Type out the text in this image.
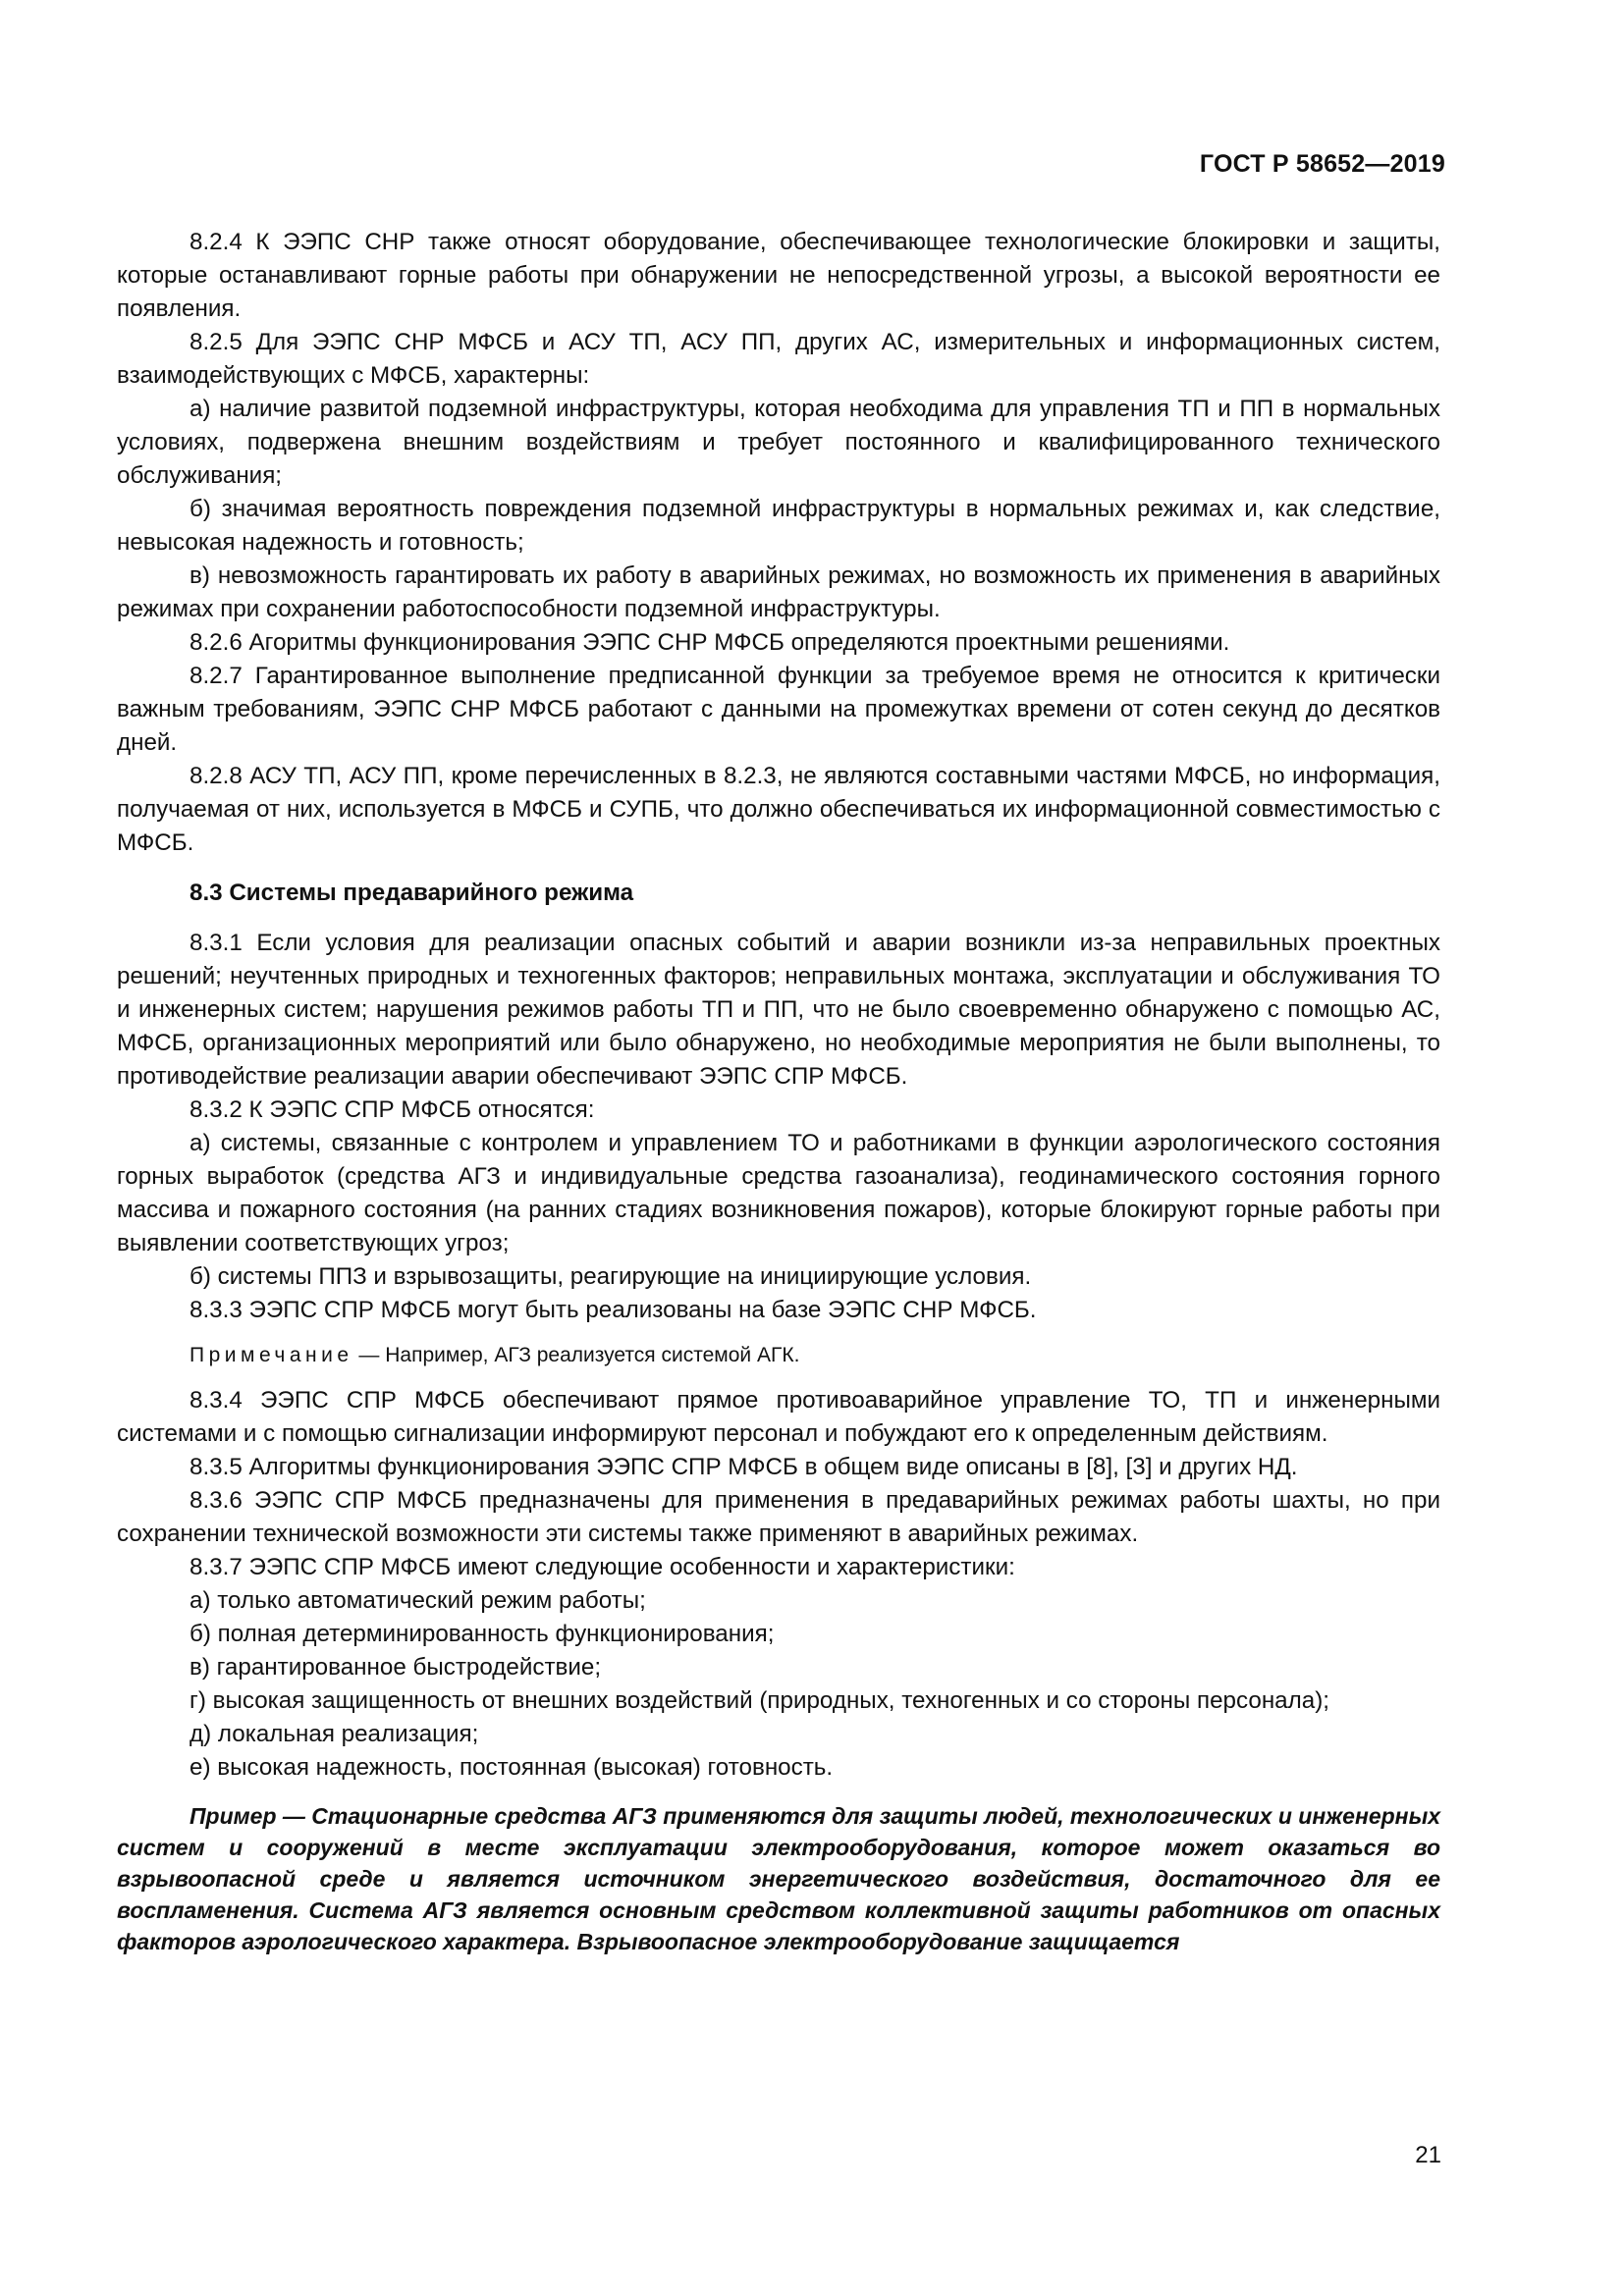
ГОСТ Р 58652—2019

8.2.4 К ЭЭПС СНР также относят оборудование, обеспечивающее технологические блокировки и защиты, которые останавливают горные работы при обнаружении не непосредственной угрозы, а высокой вероятности ее появления.

8.2.5 Для ЭЭПС СНР МФСБ и АСУ ТП, АСУ ПП, других АС, измерительных и информационных систем, взаимодействующих с МФСБ, характерны:

а) наличие развитой подземной инфраструктуры, которая необходима для управления ТП и ПП в нормальных условиях, подвержена внешним воздействиям и требует постоянного и квалифицированного технического обслуживания;

б) значимая вероятность повреждения подземной инфраструктуры в нормальных режимах и, как следствие, невысокая надежность и готовность;

в) невозможность гарантировать их работу в аварийных режимах, но возможность их применения в аварийных режимах при сохранении работоспособности подземной инфраструктуры.

8.2.6 Агоритмы функционирования ЭЭПС СНР МФСБ определяются проектными решениями.

8.2.7 Гарантированное выполнение предписанной функции за требуемое время не относится к критически важным требованиям, ЭЭПС СНР МФСБ работают с данными на промежутках времени от сотен секунд до десятков дней.

8.2.8 АСУ ТП, АСУ ПП, кроме перечисленных в 8.2.3, не являются составными частями МФСБ, но информация, получаемая от них, используется в МФСБ и СУПБ, что должно обеспечиваться их информационной совместимостью с МФСБ.

8.3 Системы предаварийного режима

8.3.1 Если условия для реализации опасных событий и аварии возникли из-за неправильных проектных решений; неучтенных природных и техногенных факторов; неправильных монтажа, эксплуатации и обслуживания ТО и инженерных систем; нарушения режимов работы ТП и ПП, что не было своевременно обнаружено с помощью АС, МФСБ, организационных мероприятий или было обнаружено, но необходимые мероприятия не были выполнены, то противодействие реализации аварии обеспечивают ЭЭПС СПР МФСБ.

8.3.2 К ЭЭПС СПР МФСБ относятся:

а) системы, связанные с контролем и управлением ТО и работниками в функции аэрологического состояния горных выработок (средства АГЗ и индивидуальные средства газоанализа), геодинамического состояния горного массива и пожарного состояния (на ранних стадиях возникновения пожаров), которые блокируют горные работы при выявлении соответствующих угроз;

б) системы ППЗ и взрывозащиты, реагирующие на инициирующие условия.

8.3.3 ЭЭПС СПР МФСБ могут быть реализованы на базе ЭЭПС СНР МФСБ.

Примечание — Например, АГЗ реализуется системой АГК.

8.3.4 ЭЭПС СПР МФСБ обеспечивают прямое противоаварийное управление ТО, ТП и инженерными системами и с помощью сигнализации информируют персонал и побуждают его к определенным действиям.

8.3.5 Алгоритмы функционирования ЭЭПС СПР МФСБ в общем виде описаны в [8], [3] и других НД.

8.3.6 ЭЭПС СПР МФСБ предназначены для применения в предаварийных режимах работы шахты, но при сохранении технической возможности эти системы также применяют в аварийных режимах.

8.3.7 ЭЭПС СПР МФСБ имеют следующие особенности и характеристики:

а) только автоматический режим работы;

б) полная детерминированность функционирования;

в) гарантированное быстродействие;

г) высокая защищенность от внешних воздействий (природных, техногенных и со стороны персонала);

д) локальная реализация;

е) высокая надежность, постоянная (высокая) готовность.

Пример — Стационарные средства АГЗ применяются для защиты людей, технологических и инженерных систем и сооружений в месте эксплуатации электрооборудования, которое может оказаться во взрывоопасной среде и является источником энергетического воздействия, достаточного для ее воспламенения. Система АГЗ является основным средством коллективной защиты работников от опасных факторов аэрологического характера. Взрывоопасное электрооборудование защищается

21
